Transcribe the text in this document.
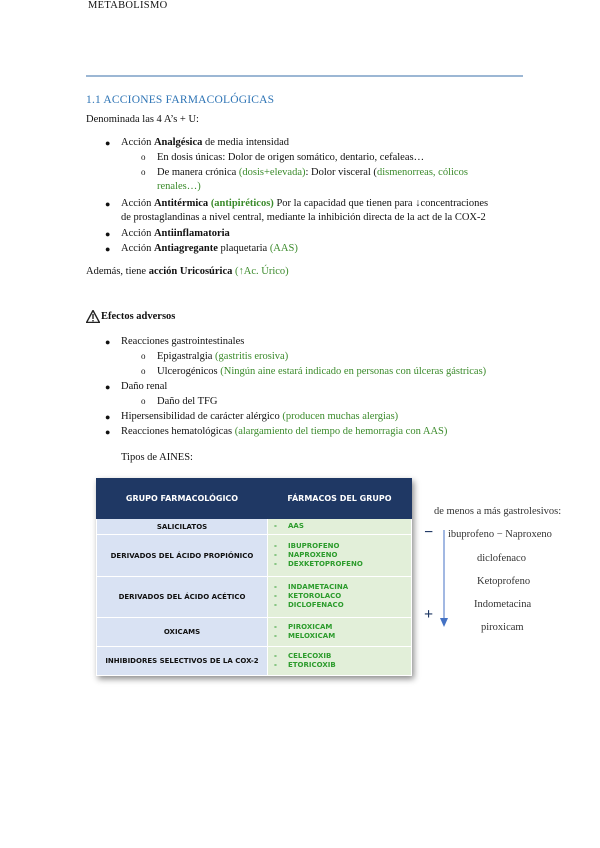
METABOLISMO
1.1 ACCIONES FARMACOLÓGICAS
Denominada las 4 A’s + U:
● Acción Analgésica de media intensidad
o En dosis únicas: Dolor de origen somático, dentario, cefaleas…
o De manera crónica (dosis+elevada): Dolor visceral (dismenorreas, cólicos
renales…)
● Acción Antitérmica (antipiréticos) Por la capacidad que tienen para ↓concentraciones
de prostaglandinas a nivel central, mediante la inhibición directa de la act de la COX-2
● Acción Antiinflamatoria
● Acción Antiagregante plaquetaria (AAS)
Además, tiene acción Uricosúrica (↑Ac. Úrico)
Efectos adversos
● Reacciones gastrointestinales
o Epigastralgia (gastritis erosiva)
o Ulcerogénicos (Ningún aine estará indicado en personas con úlceras gástricas)
● Daño renal
o Daño del TFG
● Hipersensibilidad de carácter alérgico (producen muchas alergias)
● Reacciones hematológicas (alargamiento del tiempo de hemorragia con AAS)
Tipos de AINES:
GRUPO FARMACOLÓGICO	FÁRMACOS DEL GRUPO
SALICILATOS	- AAS

DERIVADOS DEL ÁCIDO PROPIÓNICO	- IBUPROFENO
- NAPROXENO
- DEXKETOPROFENO

DERIVADOS DEL ÁCIDO ACÉTICO	- INDAMETACINA
- KETOROLACO
- DICLOFENACO

OXICAMS	- PIROXICAM
- MELOXICAM

INHIBIDORES SELECTIVOS DE LA COX-2	- CELECOXIB
- ETORICOXIB
de menos a más gastrolesivos:
−
+
ibuprofeno − Naproxeno
diclofenaco
Ketoprofeno
Indometacina
piroxicam
